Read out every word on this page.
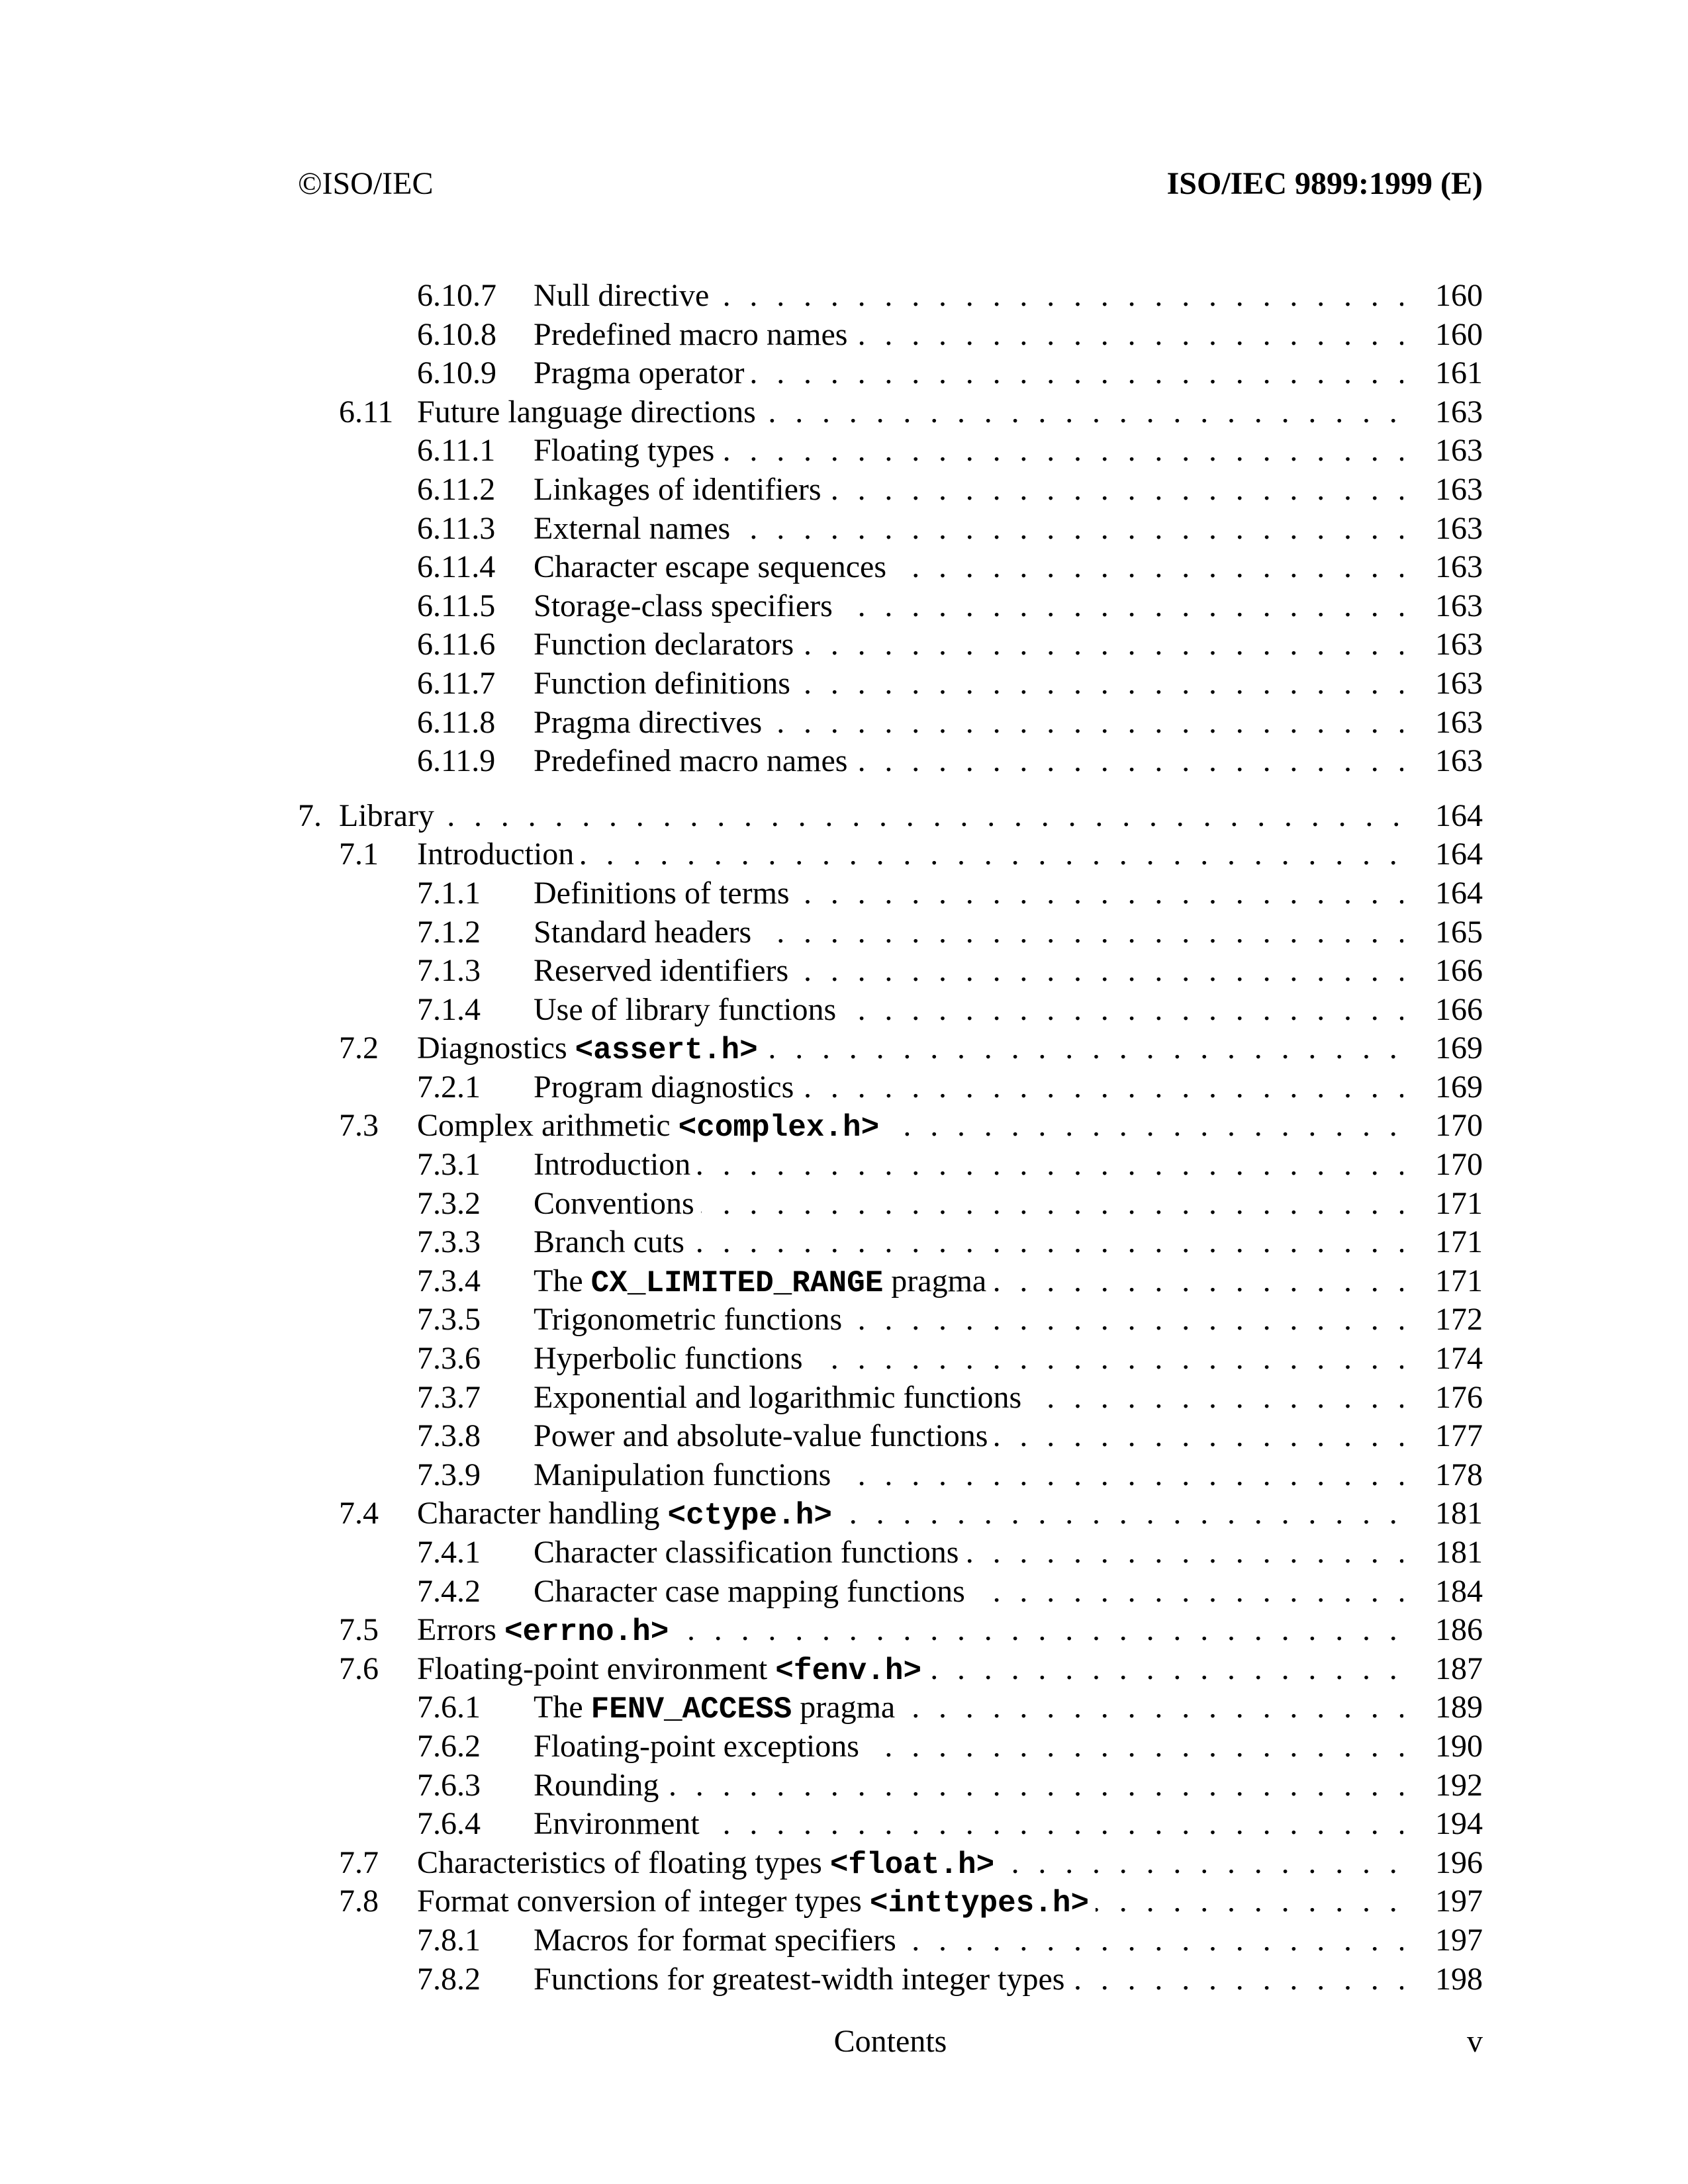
©ISO/IEC	ISO/IEC 9899:1999 (E)
6.10.7 ..... Null directive	160
6.10.8 ..... Predefined macro names	160
6.10.9 ..... Pragma operator	161
6.11 ..... Future language directions	163
6.11.1 ..... Floating types	163
6.11.2 ..... Linkages of identifiers	163
6.11.3 ..... External names	163
6.11.4 ..... Character escape sequences	163
6.11.5 ..... Storage-class specifiers	163
6.11.6 ..... Function declarators	163
6.11.7 ..... Function definitions	163
6.11.8 ..... Pragma directives	163
6.11.9 ..... Predefined macro names	163
7. ..... Library	164
7.1 ..... Introduction	164
7.1.1 ..... Definitions of terms	164
7.1.2 ..... Standard headers	165
7.1.3 ..... Reserved identifiers	166
7.1.4 ..... Use of library functions	166
7.2 ..... Diagnostics <assert.h>	169
7.2.1 ..... Program diagnostics	169
7.3 ..... Complex arithmetic <complex.h>	170
7.3.1 ..... Introduction	170
7.3.2 ..... Conventions	171
7.3.3 ..... Branch cuts	171
7.3.4 ..... The CX_LIMITED_RANGE pragma	171
7.3.5 ..... Trigonometric functions	172
7.3.6 ..... Hyperbolic functions	174
7.3.7 ..... Exponential and logarithmic functions	176
7.3.8 ..... Power and absolute-value functions	177
7.3.9 ..... Manipulation functions	178
7.4 ..... Character handling <ctype.h>	181
7.4.1 ..... Character classification functions	181
7.4.2 ..... Character case mapping functions	184
7.5 ..... Errors <errno.h>	186
7.6 ..... Floating-point environment <fenv.h>	187
7.6.1 ..... The FENV_ACCESS pragma	189
7.6.2 ..... Floating-point exceptions	190
7.6.3 ..... Rounding	192
7.6.4 ..... Environment	194
7.7 ..... Characteristics of floating types <float.h>	196
7.8 ..... Format conversion of integer types <inttypes.h>	197
7.8.1 ..... Macros for format specifiers	197
7.8.2 ..... Functions for greatest-width integer types	198
Contents	v
